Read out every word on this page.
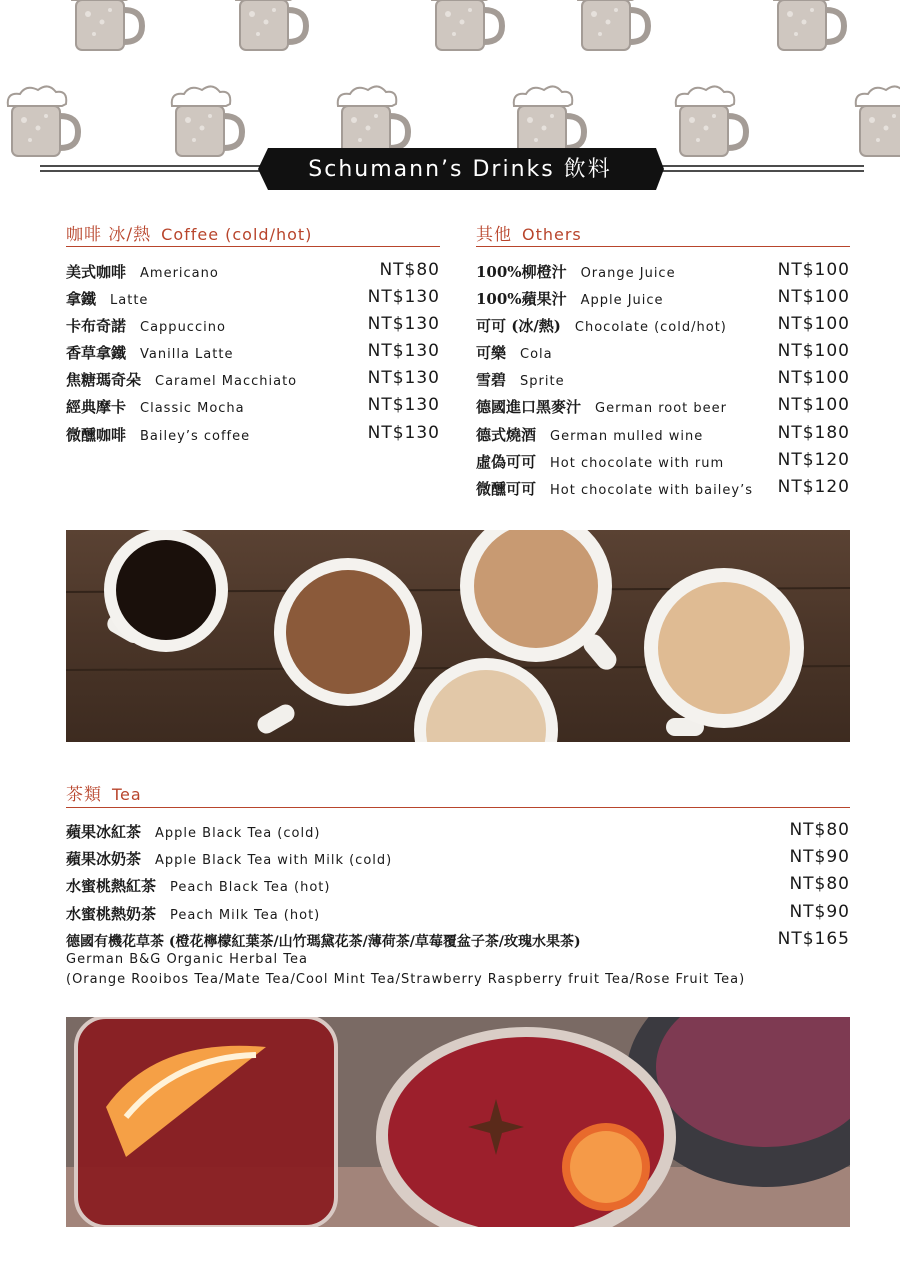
Schumann’s Drinks 飲料
咖啡 冰/熱 Coffee (cold/hot)
美式咖啡 Americano	NT$80
拿鐵 Latte	NT$130
卡布奇諾 Cappuccino	NT$130
香草拿鐵 Vanilla Latte	NT$130
焦糖瑪奇朵 Caramel Macchiato	NT$130
經典摩卡 Classic Mocha	NT$130
微醺咖啡 Bailey’s coffee	NT$130
其他 Others
100%柳橙汁 Orange Juice	NT$100
100%蘋果汁 Apple Juice	NT$100
可可 (冰/熱) Chocolate (cold/hot)	NT$100
可樂 Cola	NT$100
雪碧 Sprite	NT$100
德國進口黑麥汁 German root beer	NT$100
德式燒酒 German mulled wine	NT$180
虛偽可可 Hot chocolate with rum	NT$120
微醺可可 Hot chocolate with bailey’s NT$120
茶類 Tea
蘋果冰紅茶 Apple Black Tea (cold)	NT$80
蘋果冰奶茶 Apple Black Tea with Milk (cold)	NT$90
水蜜桃熱紅茶 Peach Black Tea (hot)	NT$80
水蜜桃熱奶茶 Peach Milk Tea (hot)	NT$90
德國有機花草茶 (橙花檸檬紅葉茶/山竹瑪黛花茶/薄荷茶/草莓覆盆子茶/玫瑰水果茶)	NT$165
German B&G Organic Herbal Tea
(Orange Rooibos Tea/Mate Tea/Cool Mint Tea/Strawberry Raspberry fruit Tea/Rose Fruit Tea)
